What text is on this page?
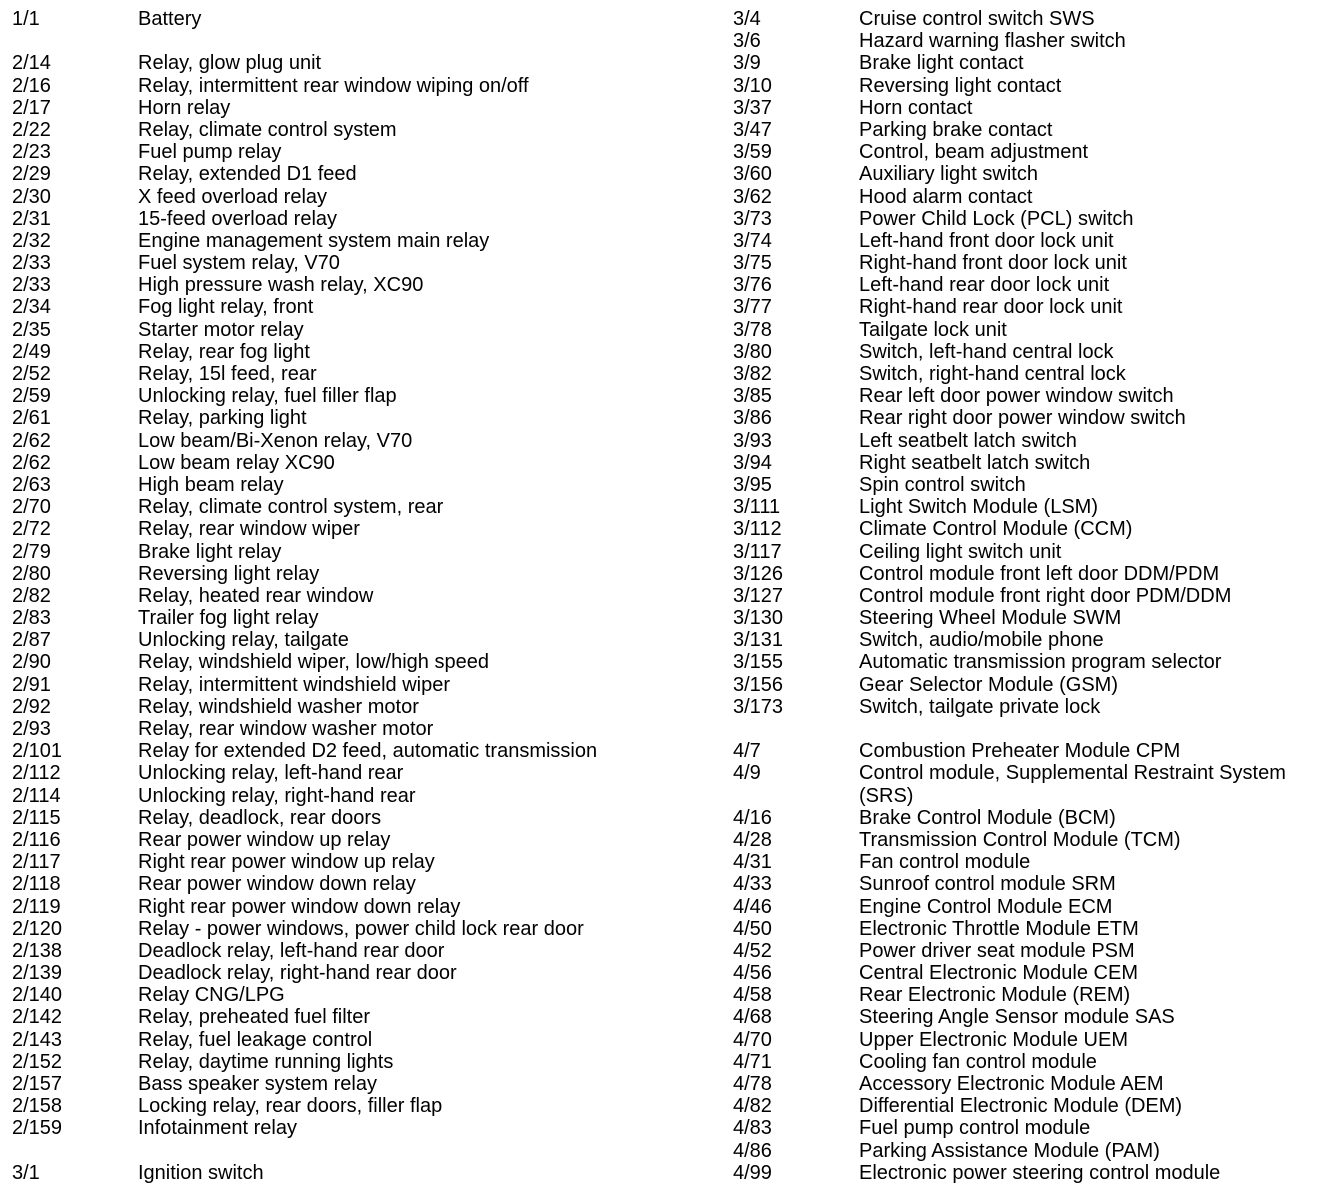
1/1	Battery
2/14	Relay, glow plug unit
2/16	Relay, intermittent rear window wiping on/off
2/17	Horn relay
2/22	Relay, climate control system
2/23	Fuel pump relay
2/29	Relay, extended D1 feed
2/30	X feed overload relay
2/31	15-feed overload relay
2/32	Engine management system main relay
2/33	Fuel system relay, V70
2/33	High pressure wash relay, XC90
2/34	Fog light relay, front
2/35	Starter motor relay
2/49	Relay, rear fog light
2/52	Relay, 15l feed, rear
2/59	Unlocking relay, fuel filler flap
2/61	Relay, parking light
2/62	Low beam/Bi-Xenon relay, V70
2/62	Low beam relay XC90
2/63	High beam relay
2/70	Relay, climate control system, rear
2/72	Relay, rear window wiper
2/79	Brake light relay
2/80	Reversing light relay
2/82	Relay, heated rear window
2/83	Trailer fog light relay
2/87	Unlocking relay, tailgate
2/90	Relay, windshield wiper, low/high speed
2/91	Relay, intermittent windshield wiper
2/92	Relay, windshield washer motor
2/93	Relay, rear window washer motor
2/101	Relay for extended D2 feed, automatic transmission
2/112	Unlocking relay, left-hand rear
2/114	Unlocking relay, right-hand rear
2/115	Relay, deadlock, rear doors
2/116	Rear power window up relay
2/117	Right rear power window up relay
2/118	Rear power window down relay
2/119	Right rear power window down relay
2/120	Relay - power windows, power child lock rear door
2/138	Deadlock relay, left-hand rear door
2/139	Deadlock relay, right-hand rear door
2/140	Relay CNG/LPG
2/142	Relay, preheated fuel filter
2/143	Relay, fuel leakage control
2/152	Relay, daytime running lights
2/157	Bass speaker system relay
2/158	Locking relay, rear doors, filler flap
2/159	Infotainment relay
3/1	Ignition switch
3/4	Cruise control switch SWS
3/6	Hazard warning flasher switch
3/9	Brake light contact
3/10	Reversing light contact
3/37	Horn contact
3/47	Parking brake contact
3/59	Control, beam adjustment
3/60	Auxiliary light switch
3/62	Hood alarm contact
3/73	Power Child Lock (PCL) switch
3/74	Left-hand front door lock unit
3/75	Right-hand front door lock unit
3/76	Left-hand rear door lock unit
3/77	Right-hand rear door lock unit
3/78	Tailgate lock unit
3/80	Switch, left-hand central lock
3/82	Switch, right-hand central lock
3/85	Rear left door power window switch
3/86	Rear right door power window switch
3/93	Left seatbelt latch switch
3/94	Right seatbelt latch switch
3/95	Spin control switch
3/111	Light Switch Module (LSM)
3/112	Climate Control Module (CCM)
3/117	Ceiling light switch unit
3/126	Control module front left door DDM/PDM
3/127	Control module front right door PDM/DDM
3/130	Steering Wheel Module SWM
3/131	Switch, audio/mobile phone
3/155	Automatic transmission program selector
3/156	Gear Selector Module (GSM)
3/173	Switch, tailgate private lock
4/7	Combustion Preheater Module CPM
4/9	Control module, Supplemental Restraint System (SRS)
4/16	Brake Control Module (BCM)
4/28	Transmission Control Module (TCM)
4/31	Fan control module
4/33	Sunroof control module SRM
4/46	Engine Control Module ECM
4/50	Electronic Throttle Module ETM
4/52	Power driver seat module PSM
4/56	Central Electronic Module CEM
4/58	Rear Electronic Module (REM)
4/68	Steering Angle Sensor module SAS
4/70	Upper Electronic Module UEM
4/71	Cooling fan control module
4/78	Accessory Electronic Module AEM
4/82	Differential Electronic Module (DEM)
4/83	Fuel pump control module
4/86	Parking Assistance Module (PAM)
4/99	Electronic power steering control module
